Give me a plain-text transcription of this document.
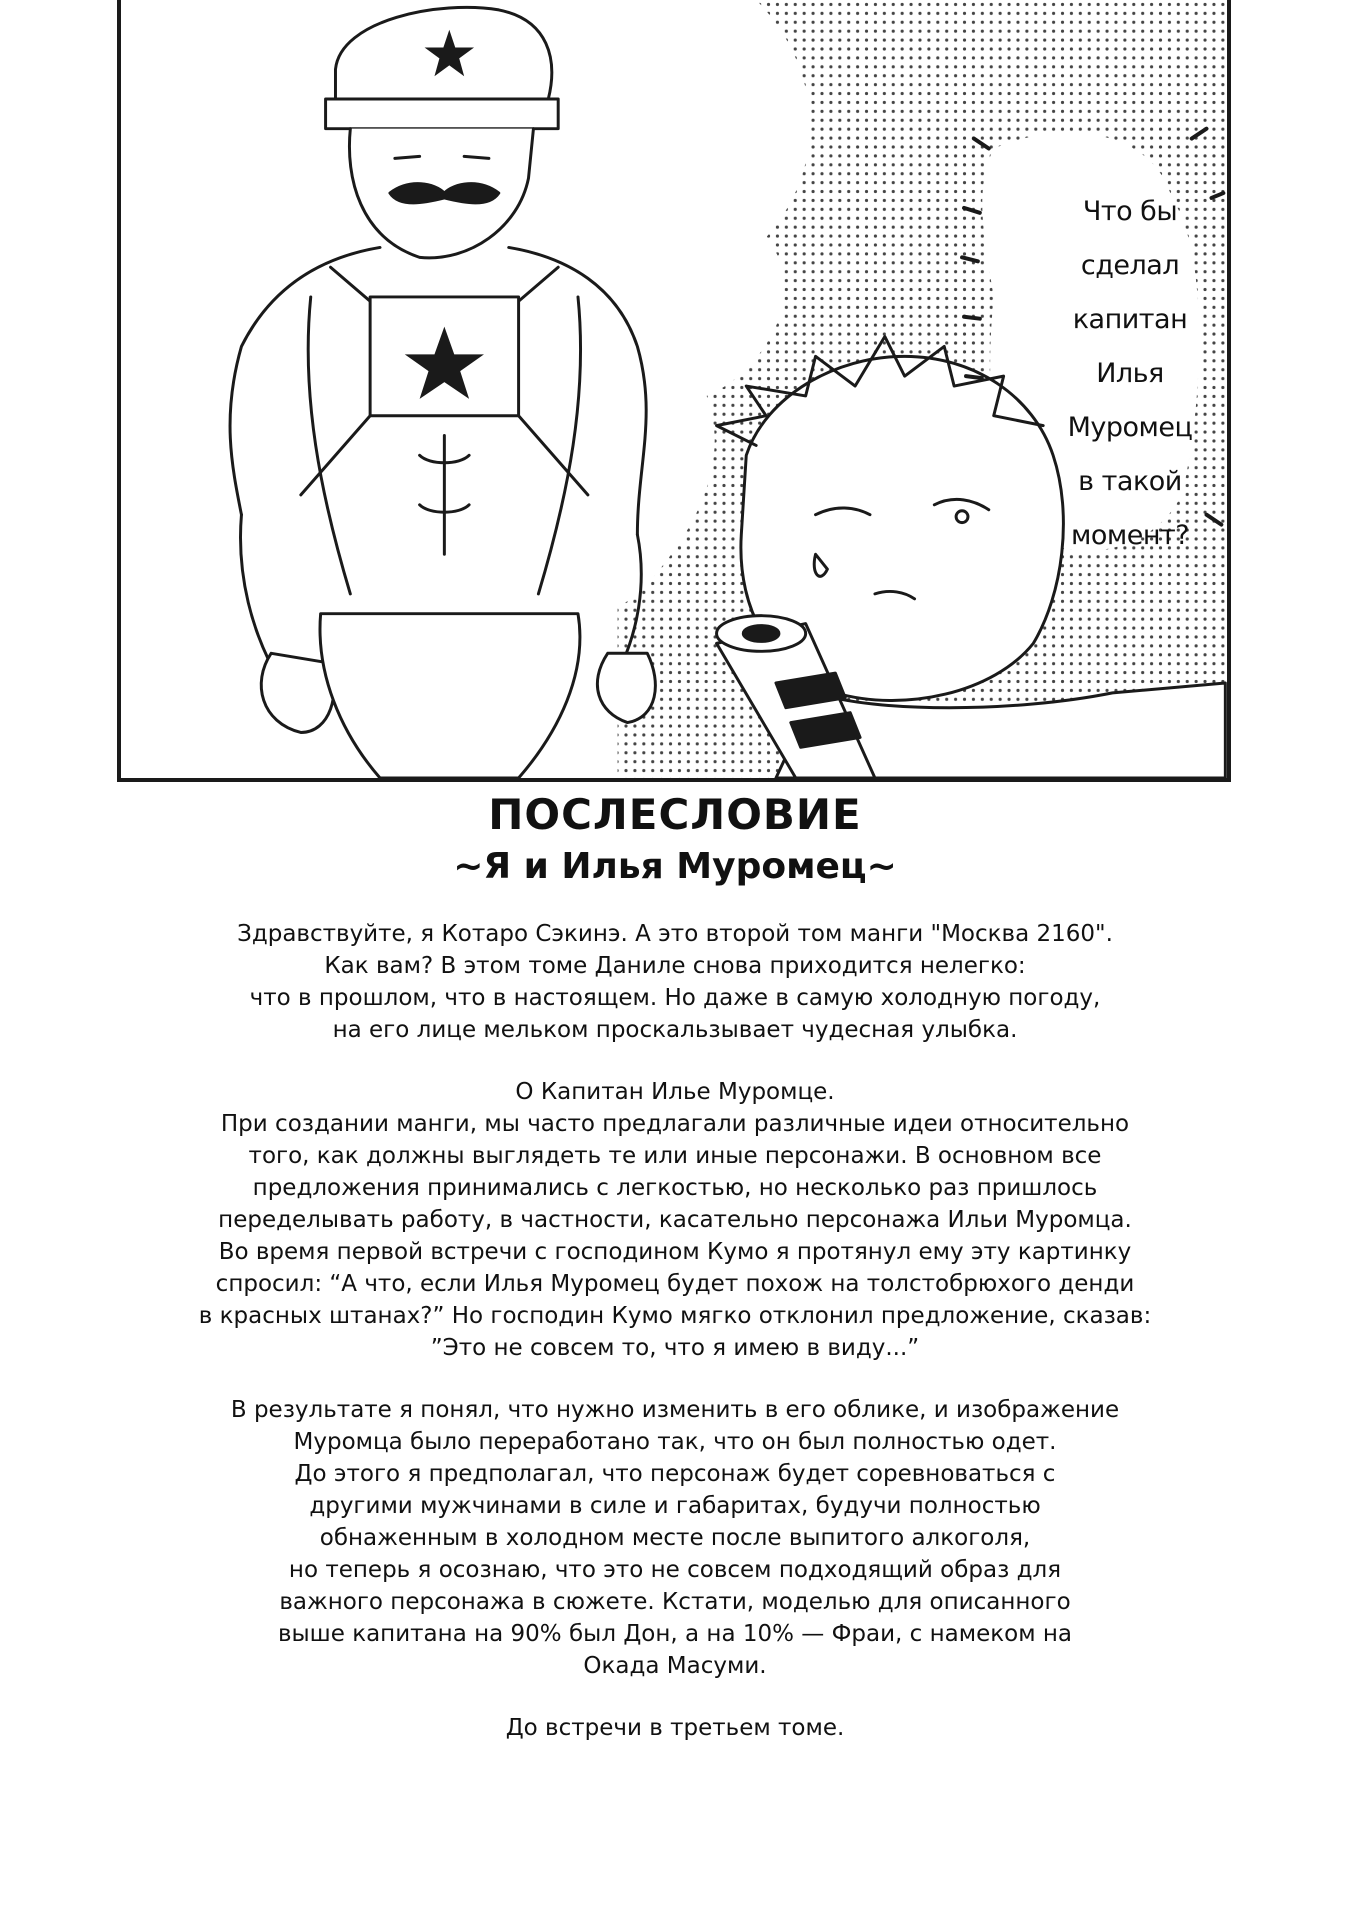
Что бы
сделал
капитан
Илья
Муромец
в такой
момент?
ПОСЛЕСЛОВИЕ
~Я и Илья Муромец~
Здравствуйте, я Котаро Сэкинэ. А это второй том манги "Москва 2160".
Как вам? В этом томе Даниле снова приходится нелегко:
что в прошлом, что в настоящем. Но даже в самую холодную погоду,
на его лице мельком проскальзывает чудесная улыбка.
О Капитан Илье Муромце.
При создании манги, мы часто предлагали различные идеи относительно
того, как должны выглядеть те или иные персонажи. В основном все
предложения принимались с легкостью, но несколько раз пришлось
переделывать работу, в частности, касательно персонажа Ильи Муромца.
Во время первой встречи с господином Кумо я протянул ему эту картинку
спросил: “А что, если Илья Муромец будет похож на толстобрюхого денди
в красных штанах?” Но господин Кумо мягко отклонил предложение, сказав:
”Это не совсем то, что я имею в виду...”
В результате я понял, что нужно изменить в его облике, и изображение
Муромца было переработано так, что он был полностью одет.
До этого я предполагал, что персонаж будет соревноваться с
другими мужчинами в силе и габаритах, будучи полностью
обнаженным в холодном месте после выпитого алкоголя,
но теперь я осознаю, что это не совсем подходящий образ для
важного персонажа в сюжете. Кстати, моделью для описанного
выше капитана на 90% был Дон, а на 10% — Фраи, с намеком на
Окада Масуми.
До встречи в третьем томе.
